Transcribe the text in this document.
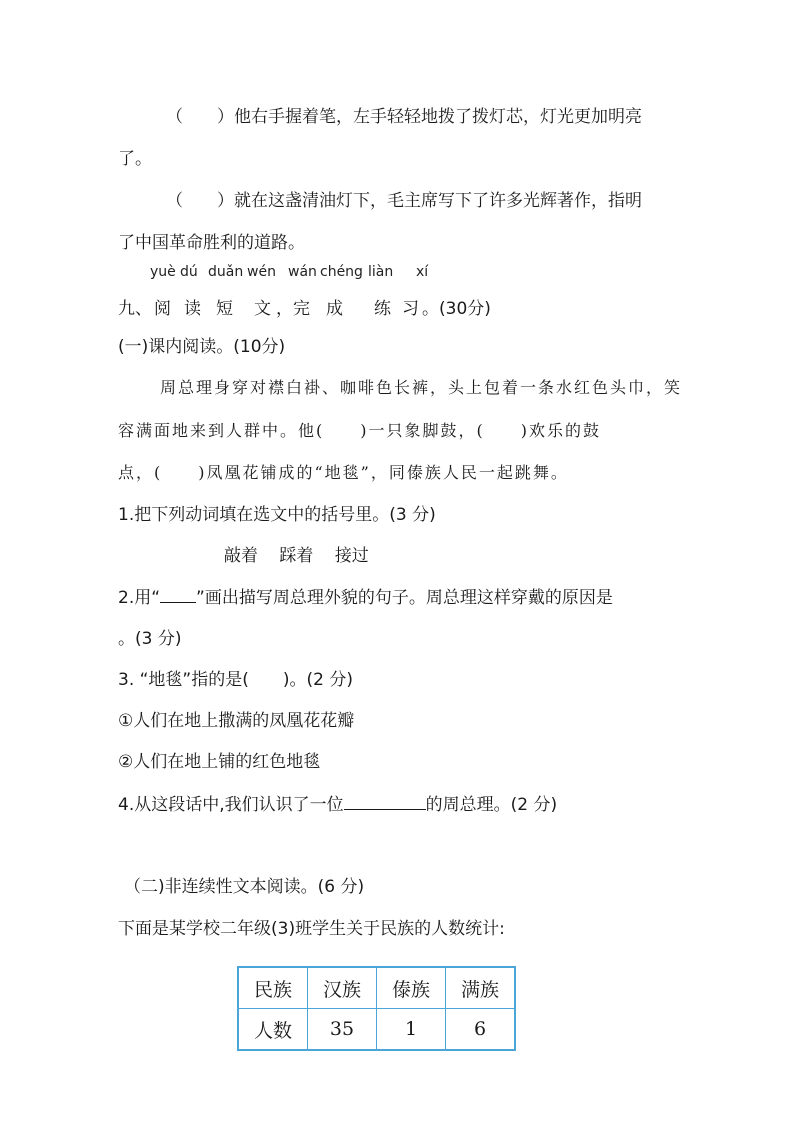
（　　）他右手握着笔，左手轻轻地拨了拨灯芯，灯光更加明亮
了。
（　　）就在这盏清油灯下，毛主席写下了许多光辉著作，指明
了中国革命胜利的道路。
yuè dú duǎn wén wán chéng liàn xí
九、 阅 读 短 文 ，完 成 练 习 。(30分)
(一)课内阅读。(10分)
周总理身穿对襟白褂、咖啡色长裤，头上包着一条水红色头巾，笑
容满面地来到人群中。他(　　)一只象脚鼓，(　　)欢乐的鼓
点，(　　)凤凰花铺成的“地毯”，同傣族人民一起跳舞。
1.把下列动词填在选文中的括号里。(3 分)
敲着 踩着 接过
2.用“ ”画出描写周总理外貌的句子。周总理这样穿戴的原因是
。(3 分)
3. “地毯”指的是(　　)。(2 分)
①人们在地上撒满的凤凰花花瓣
②人们在地上铺的红色地毯
4.从这段话中,我们认识了一位	的周总理。(2 分)
（二)非连续性文本阅读。(6 分)
下面是某学校二年级(3)班学生关于民族的人数统计:
民族	汉族	傣族	满族
人数	35	1	6
